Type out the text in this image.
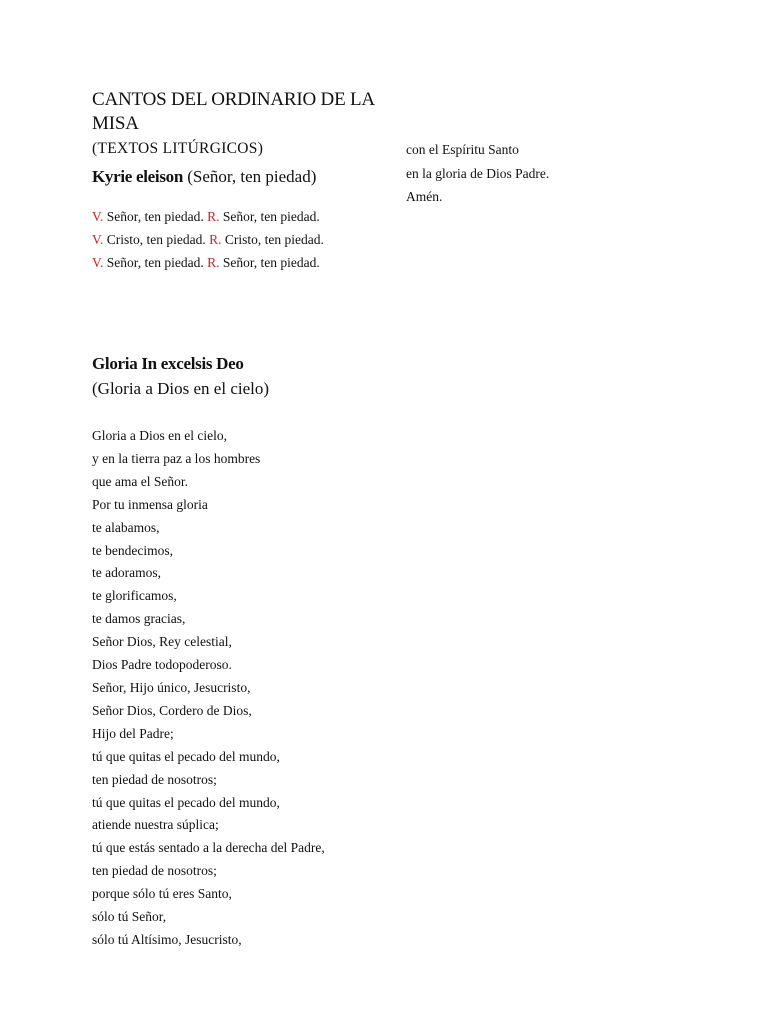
CANTOS DEL ORDINARIO DE LA MISA
(TEXTOS LITÚRGICOS)
Kyrie eleison (Señor, ten piedad)
V. Señor, ten piedad. R. Señor, ten piedad.
V. Cristo, ten piedad. R. Cristo, ten piedad.
V. Señor, ten piedad. R. Señor, ten piedad.
Gloria In excelsis Deo
(Gloria a Dios en el cielo)
Gloria a Dios en el cielo,
y en la tierra paz a los hombres
que ama el Señor.
Por tu inmensa gloria
te alabamos,
te bendecimos,
te adoramos,
te glorificamos,
te damos gracias,
Señor Dios, Rey celestial,
Dios Padre todopoderoso.
Señor, Hijo único, Jesucristo,
Señor Dios, Cordero de Dios,
Hijo del Padre;
tú que quitas el pecado del mundo,
ten piedad de nosotros;
tú que quitas el pecado del mundo,
atiende nuestra súplica;
tú que estás sentado a la derecha del Padre,
ten piedad de nosotros;
porque sólo tú eres Santo,
sólo tú Señor,
sólo tú Altísimo, Jesucristo,
con el Espíritu Santo
en la gloria de Dios Padre.
Amén.
